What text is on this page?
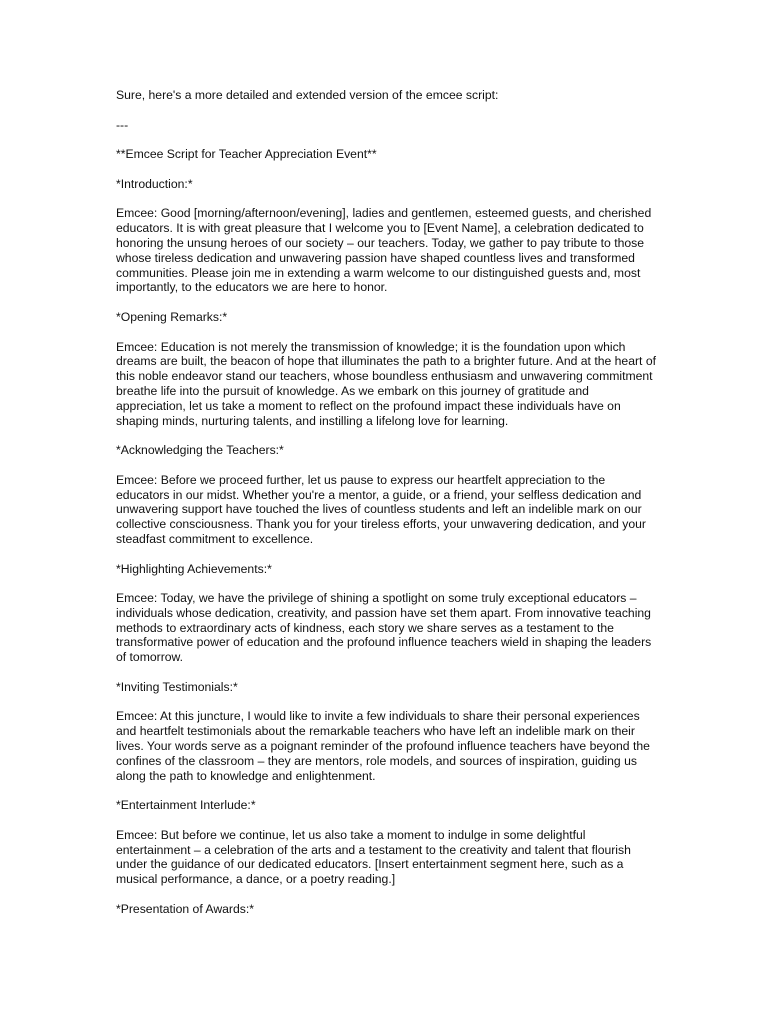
Sure, here's a more detailed and extended version of the emcee script:

---

**Emcee Script for Teacher Appreciation Event**

*Introduction:*

Emcee: Good [morning/afternoon/evening], ladies and gentlemen, esteemed guests, and cherished educators. It is with great pleasure that I welcome you to [Event Name], a celebration dedicated to honoring the unsung heroes of our society – our teachers. Today, we gather to pay tribute to those whose tireless dedication and unwavering passion have shaped countless lives and transformed communities. Please join me in extending a warm welcome to our distinguished guests and, most importantly, to the educators we are here to honor.

*Opening Remarks:*

Emcee: Education is not merely the transmission of knowledge; it is the foundation upon which dreams are built, the beacon of hope that illuminates the path to a brighter future. And at the heart of this noble endeavor stand our teachers, whose boundless enthusiasm and unwavering commitment breathe life into the pursuit of knowledge. As we embark on this journey of gratitude and appreciation, let us take a moment to reflect on the profound impact these individuals have on shaping minds, nurturing talents, and instilling a lifelong love for learning.

*Acknowledging the Teachers:*

Emcee: Before we proceed further, let us pause to express our heartfelt appreciation to the educators in our midst. Whether you're a mentor, a guide, or a friend, your selfless dedication and unwavering support have touched the lives of countless students and left an indelible mark on our collective consciousness. Thank you for your tireless efforts, your unwavering dedication, and your steadfast commitment to excellence.

*Highlighting Achievements:*

Emcee: Today, we have the privilege of shining a spotlight on some truly exceptional educators – individuals whose dedication, creativity, and passion have set them apart. From innovative teaching methods to extraordinary acts of kindness, each story we share serves as a testament to the transformative power of education and the profound influence teachers wield in shaping the leaders of tomorrow.

*Inviting Testimonials:*

Emcee: At this juncture, I would like to invite a few individuals to share their personal experiences and heartfelt testimonials about the remarkable teachers who have left an indelible mark on their lives. Your words serve as a poignant reminder of the profound influence teachers have beyond the confines of the classroom – they are mentors, role models, and sources of inspiration, guiding us along the path to knowledge and enlightenment.

*Entertainment Interlude:*

Emcee: But before we continue, let us also take a moment to indulge in some delightful entertainment – a celebration of the arts and a testament to the creativity and talent that flourish under the guidance of our dedicated educators. [Insert entertainment segment here, such as a musical performance, a dance, or a poetry reading.]

*Presentation of Awards:*
